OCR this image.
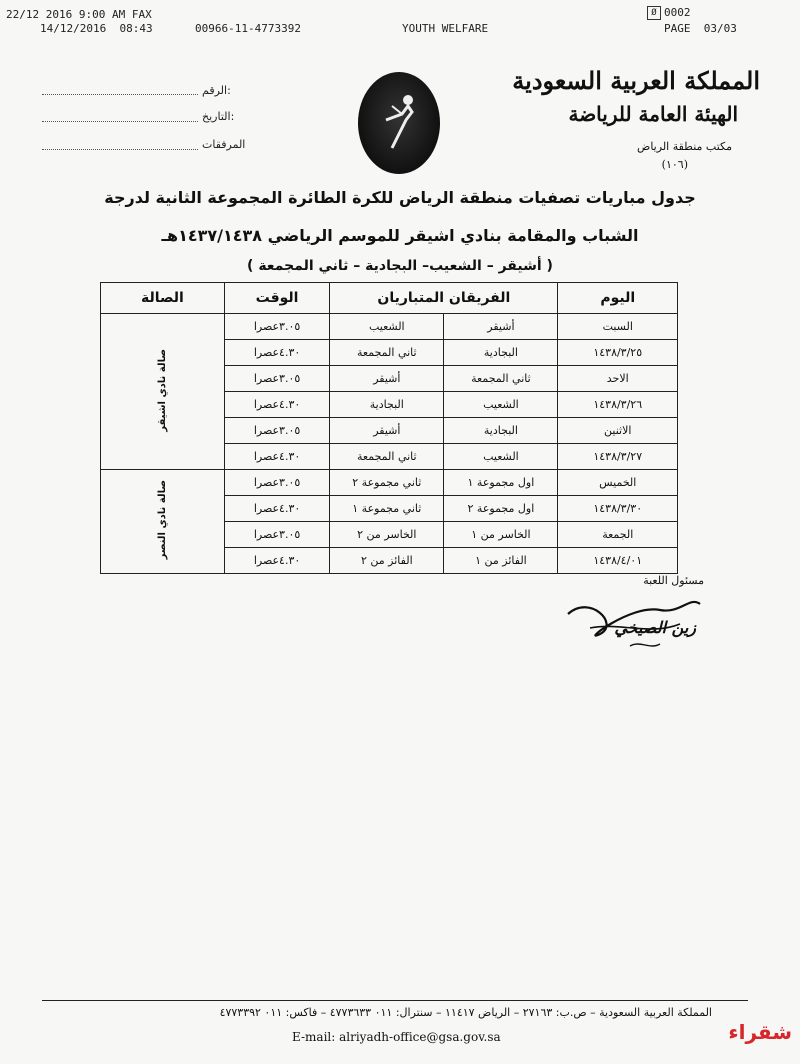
22/12 2016 9:00 AM FAX
14/12/2016  08:43	00966-11-4773392	YOUTH WELFARE
Ø 0002
PAGE  03/03
الرقم:
التاريخ:
المرفقات
المملكة العربية السعودية
الهيئة العامة للرياضة
مكتب منطقة الرياض
(١٠٦)
جدول مباريات تصفيات منطقة الرياض للكرة الطائرة المجموعة الثانية لدرجة
الشباب والمقامة بنادي اشيقر للموسم الرياضي ١٤٣٧/١٤٣٨هـ
( أشيقر – الشعيب– البجادية – ثاني المجمعة )
اليوم	الفريقان المتباريان		الوقت	الصالة
السبت	أشيقر	الشعيب	٣.٠٥عصرا	صالة نادي اشيقر
١٤٣٨/٣/٢٥	البجادية	ثاني المجمعة	٤.٣٠عصرا	
الاحد	ثاني المجمعة	أشيقر	٣.٠٥عصرا	
١٤٣٨/٣/٢٦	الشعيب	البجادية	٤.٣٠عصرا	
الاثنين	البجادية	أشيقر	٣.٠٥عصرا	
١٤٣٨/٣/٢٧	الشعيب	ثاني المجمعة	٤.٣٠عصرا	
الخميس	اول مجموعة ١	ثاني مجموعة ٢	٣.٠٥عصرا	صالة نادي النصر
١٤٣٨/٣/٣٠	اول مجموعة ٢	ثاني مجموعة ١	٤.٣٠عصرا	
الجمعة	الخاسر من ١	الخاسر من ٢	٣.٠٥عصرا	
١٤٣٨/٤/٠١	الفائز من ١	الفائز من ٢	٤.٣٠عصرا	
مسئول اللعبة
زين الصيخي
المملكة العربية السعودية – ص.ب: ٢٧١٦٣ – الرياض ١١٤١٧ – سنترال: ٠١١ ٤٧٧٣٦٣٣ – فاكس: ٠١١ ٤٧٧٣٣٩٢
E-mail: alriyadh-office@gsa.gov.sa	شقراء
